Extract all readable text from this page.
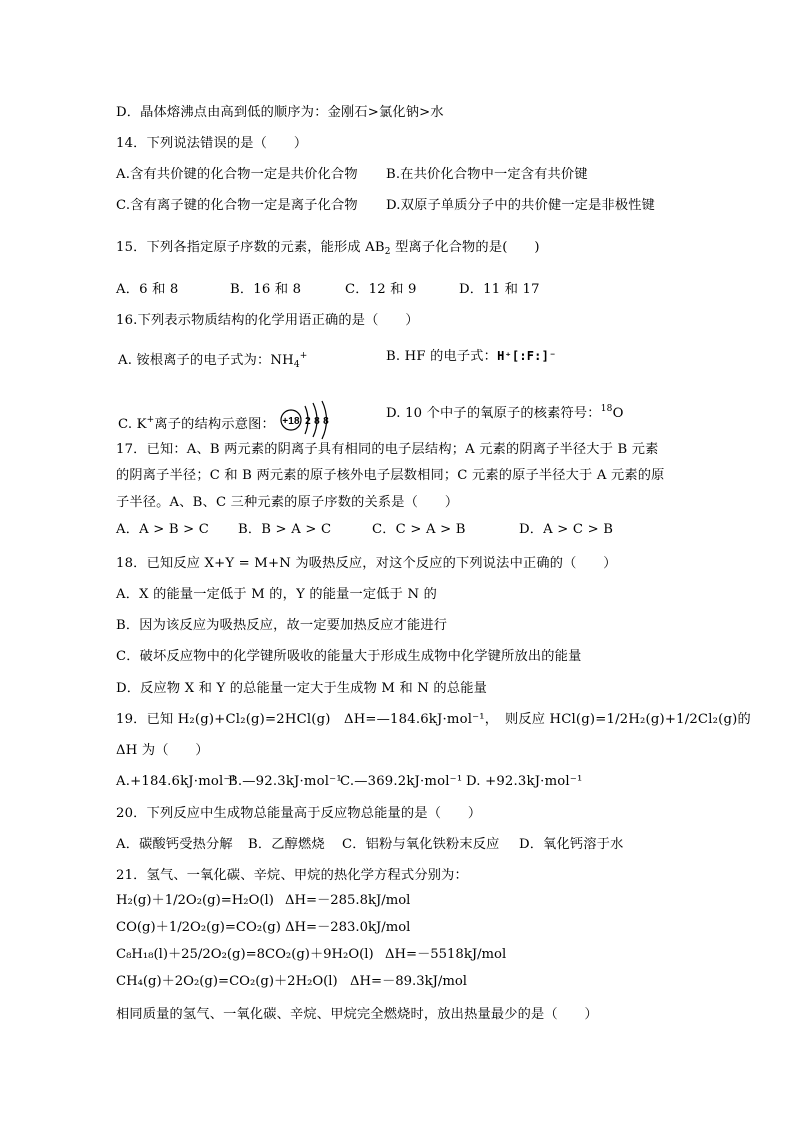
D．晶体熔沸点由高到低的顺序为：金刚石>氯化钠>水
14．下列说法错误的是（　　）
A.含有共价键的化合物一定是共价化合物 B.在共价化合物中一定含有共价键
C.含有离子键的化合物一定是离子化合物 D.双原子单质分子中的共价健一定是非极性键
15．下列各指定原子序数的元素，能形成 $AB_2$ 型离子化合物的是(　　)
A．6 和 8	B．16 和 8	C．12 和 9	D．11 和 17
16.下列表示物质结构的化学用语正确的是（　　）
A. 铵根离子的电子式为：$NH_4^+$	B. HF 的电子式：H⁺[:F:]⁻
C. K+离子的结构示意图： +18 2 8 8
D. 10 个中子的氧原子的核素符号：$^{18}$O
17．已知：A、B 两元素的阴离子具有相同的电子层结构；A 元素的阴离子半径大于 B 元素
的阴离子半径；C 和 B 两元素的原子核外电子层数相同；C 元素的原子半径大于 A 元素的原
子半径。A、B、C 三种元素的原子序数的关系是（　　）
A．A > B > C B．B > A > C	C．C > A > B	D．A > C > B
18．已知反应 X+Y = M+N 为吸热反应，对这个反应的下列说法中正确的（　　）
A．X 的能量一定低于 M 的，Y 的能量一定低于 N 的
B．因为该反应为吸热反应，故一定要加热反应才能进行
C．破坏反应物中的化学键所吸收的能量大于形成生成物中化学键所放出的能量
D．反应物 X 和 Y 的总能量一定大于生成物 M 和 N 的总能量
19．已知 H₂(g)+Cl₂(g)=2HCl(g)　ΔH=—184.6kJ·mol⁻¹，　则反应 HCl(g)=1/2H₂(g)+1/2Cl₂(g)的
ΔH 为（　　）
A.+184.6kJ·mol⁻¹
B.—92.3kJ·mol⁻¹
C.—369.2kJ·mol⁻¹ D. +92.3kJ·mol⁻¹
20．下列反应中生成物总能量高于反应物总能量的是（　　）
A．碳酸钙受热分解 B．乙醇燃烧 C．铝粉与氧化铁粉末反应 D．氧化钙溶于水
21．氢气、一氧化碳、辛烷、甲烷的热化学方程式分别为：
H₂(g)＋1/2O₂(g)=H₂O(l) ΔH=－285.8kJ/mol
CO(g)＋1/2O₂(g)=CO₂(g) ΔH=－283.0kJ/mol
C₈H₁₈(l)＋25/2O₂(g)=8CO₂(g)＋9H₂O(l) ΔH=－5518kJ/mol
CH₄(g)＋2O₂(g)=CO₂(g)＋2H₂O(l) ΔH=－89.3kJ/mol
相同质量的氢气、一氧化碳、辛烷、甲烷完全燃烧时，放出热量最少的是（　　）
